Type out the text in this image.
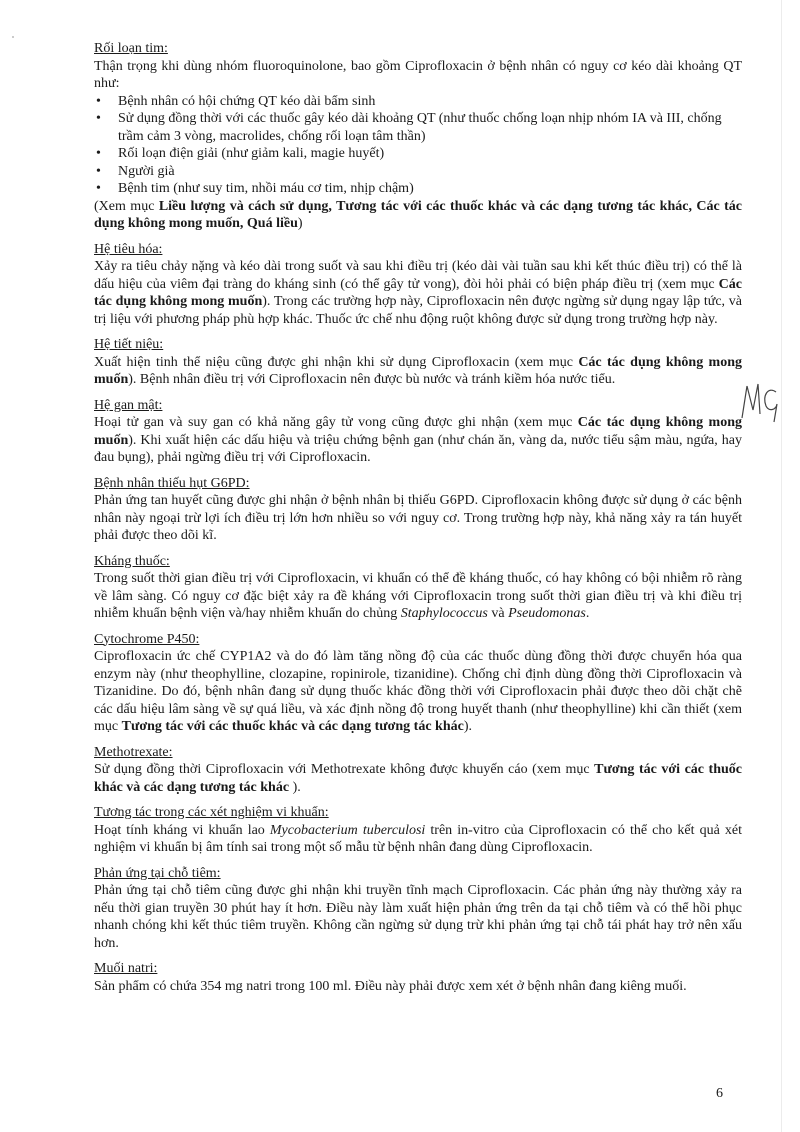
Rối loạn tim:
Thận trọng khi dùng nhóm fluoroquinolone, bao gồm Ciprofloxacin ở bệnh nhân có nguy cơ kéo dài khoảng QT như:
• Bệnh nhân có hội chứng QT kéo dài bẩm sinh
• Sử dụng đồng thời với các thuốc gây kéo dài khoảng QT (như thuốc chống loạn nhịp nhóm IA và III, chống trầm cảm 3 vòng, macrolides, chống rối loạn tâm thần)
• Rối loạn điện giải (như giảm kali, magie huyết)
• Người già
• Bệnh tim (như suy tim, nhồi máu cơ tim, nhịp chậm)
(Xem mục Liều lượng và cách sử dụng, Tương tác với các thuốc khác và các dạng tương tác khác, Các tác dụng không mong muốn, Quá liều)
Hệ tiêu hóa:
Xảy ra tiêu chảy nặng và kéo dài trong suốt và sau khi điều trị (kéo dài vài tuần sau khi kết thúc điều trị) có thể là dấu hiệu của viêm đại tràng do kháng sinh (có thể gây tử vong), đòi hỏi phải có biện pháp điều trị (xem mục Các tác dụng không mong muốn). Trong các trường hợp này, Ciprofloxacin nên được ngừng sử dụng ngay lập tức, và trị liệu với phương pháp phù hợp khác. Thuốc ức chế nhu động ruột không được sử dụng trong trường hợp này.
Hệ tiết niệu:
Xuất hiện tinh thể niệu cũng được ghi nhận khi sử dụng Ciprofloxacin (xem mục Các tác dụng không mong muốn). Bệnh nhân điều trị với Ciprofloxacin nên được bù nước và tránh kiềm hóa nước tiểu.
Hệ gan mật:
Hoại tử gan và suy gan có khả năng gây tử vong cũng được ghi nhận (xem mục Các tác dụng không mong muốn). Khi xuất hiện các dấu hiệu và triệu chứng bệnh gan (như chán ăn, vàng da, nước tiểu sậm màu, ngứa, hay đau bụng), phải ngừng điều trị với Ciprofloxacin.
Bệnh nhân thiếu hụt G6PD:
Phản ứng tan huyết cũng được ghi nhận ở bệnh nhân bị thiếu G6PD. Ciprofloxacin không được sử dụng ở các bệnh nhân này ngoại trừ lợi ích điều trị lớn hơn nhiều so với nguy cơ. Trong trường hợp này, khả năng xảy ra tán huyết phải được theo dõi kĩ.
Kháng thuốc:
Trong suốt thời gian điều trị với Ciprofloxacin, vi khuẩn có thể đề kháng thuốc, có hay không có bội nhiễm rõ ràng về lâm sàng. Có nguy cơ đặc biệt xảy ra đề kháng với Ciprofloxacin trong suốt thời gian điều trị và khi điều trị nhiễm khuẩn bệnh viện và/hay nhiễm khuẩn do chủng Staphylococcus và Pseudomonas.
Cytochrome P450:
Ciprofloxacin ức chế CYP1A2 và do đó làm tăng nồng độ của các thuốc dùng đồng thời được chuyển hóa qua enzym này (như theophylline, clozapine, ropinirole, tizanidine). Chống chỉ định dùng đồng thời Ciprofloxacin và Tizanidine. Do đó, bệnh nhân đang sử dụng thuốc khác đồng thời với Ciprofloxacin phải được theo dõi chặt chẽ các dấu hiệu lâm sàng về sự quá liều, và xác định nồng độ trong huyết thanh (như theophylline) khi cần thiết (xem mục Tương tác với các thuốc khác và các dạng tương tác khác).
Methotrexate:
Sử dụng đồng thời Ciprofloxacin với Methotrexate không được khuyến cáo (xem mục Tương tác với các thuốc khác và các dạng tương tác khác ).
Tương tác trong các xét nghiệm vi khuẩn:
Hoạt tính kháng vi khuẩn lao Mycobacterium tuberculosi trên in-vitro của Ciprofloxacin có thể cho kết quả xét nghiệm vi khuẩn bị âm tính sai trong một số mẫu từ bệnh nhân đang dùng Ciprofloxacin.
Phản ứng tại chỗ tiêm:
Phản ứng tại chỗ tiêm cũng được ghi nhận khi truyền tĩnh mạch Ciprofloxacin. Các phản ứng này thường xảy ra nếu thời gian truyền 30 phút hay ít hơn. Điều này làm xuất hiện phản ứng trên da tại chỗ tiêm và có thể hồi phục nhanh chóng khi kết thúc tiêm truyền. Không cần ngừng sử dụng trừ khi phản ứng tại chỗ tái phát hay trở nên xấu hơn.
Muối natri:
Sản phẩm có chứa 354 mg natri trong 100 ml. Điều này phải được xem xét ở bệnh nhân đang kiêng muối.
6
